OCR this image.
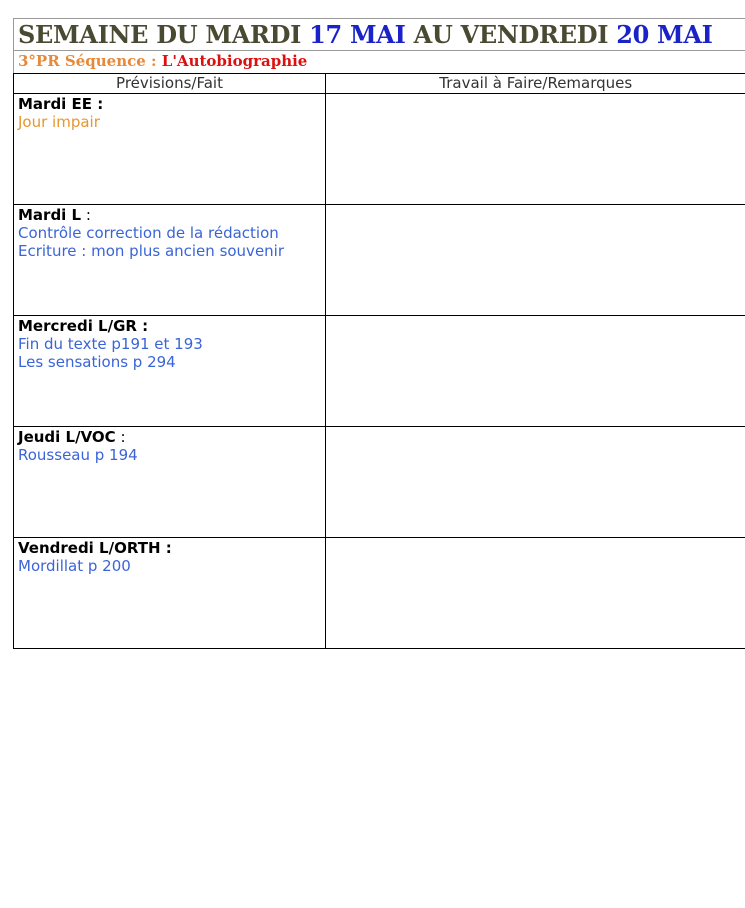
SEMAINE DU MARDI 17 MAI AU VENDREDI 20 MAI
3°PR Séquence : L'Autobiographie
Prévisions/Fait	Travail à Faire/Remarques

Mardi EE :
Jour impair	

Mardi L :
Contrôle correction de la rédaction
Ecriture : mon plus ancien souvenir	

Mercredi L/GR :
Fin du texte p191 et 193
Les sensations p 294	

Jeudi L/VOC :
Rousseau p 194	

Vendredi L/ORTH :
Mordillat p 200	
